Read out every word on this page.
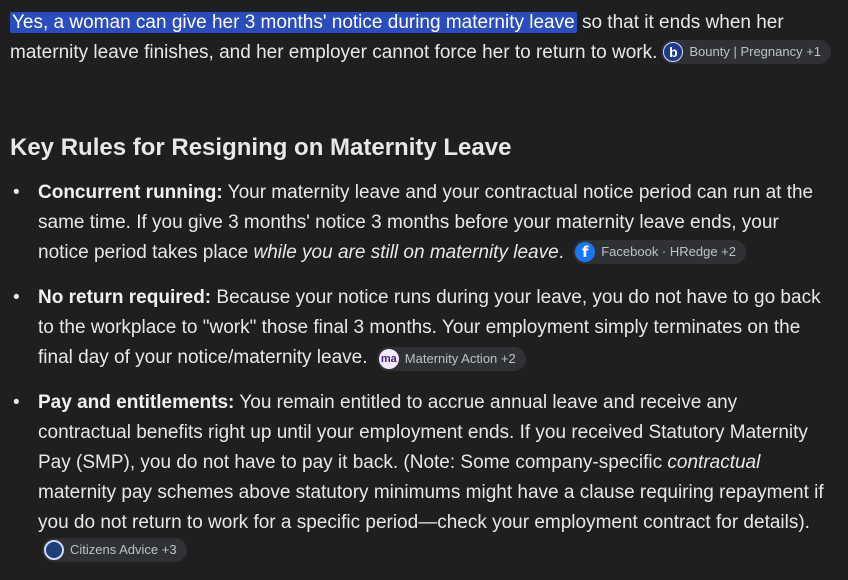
Yes, a woman can give her 3 months' notice during maternity leave so that it ends when her maternity leave finishes, and her employer cannot force her to return to work. b Bounty | Pregnancy +1

Key Rules for Resigning on Maternity Leave
• Concurrent running: Your maternity leave and your contractual notice period can run at the same time. If you give 3 months' notice 3 months before your maternity leave ends, your notice period takes place while you are still on maternity leave.	f Facebook · HRedge +2
• No return required: Because your notice runs during your leave, you do not have to go back to the workplace to "work" those final 3 months. Your employment simply terminates on the final day of your notice/maternity leave. ma Maternity Action +2
• Pay and entitlements: You remain entitled to accrue annual leave and receive any contractual benefits right up until your employment ends. If you received Statutory Maternity Pay (SMP), you do not have to pay it back. (Note: Some company-specific contractual maternity pay schemes above statutory minimums might have a clause requiring repayment if you do not return to work for a specific period—check your employment contract for details).
Citizens Advice +3
